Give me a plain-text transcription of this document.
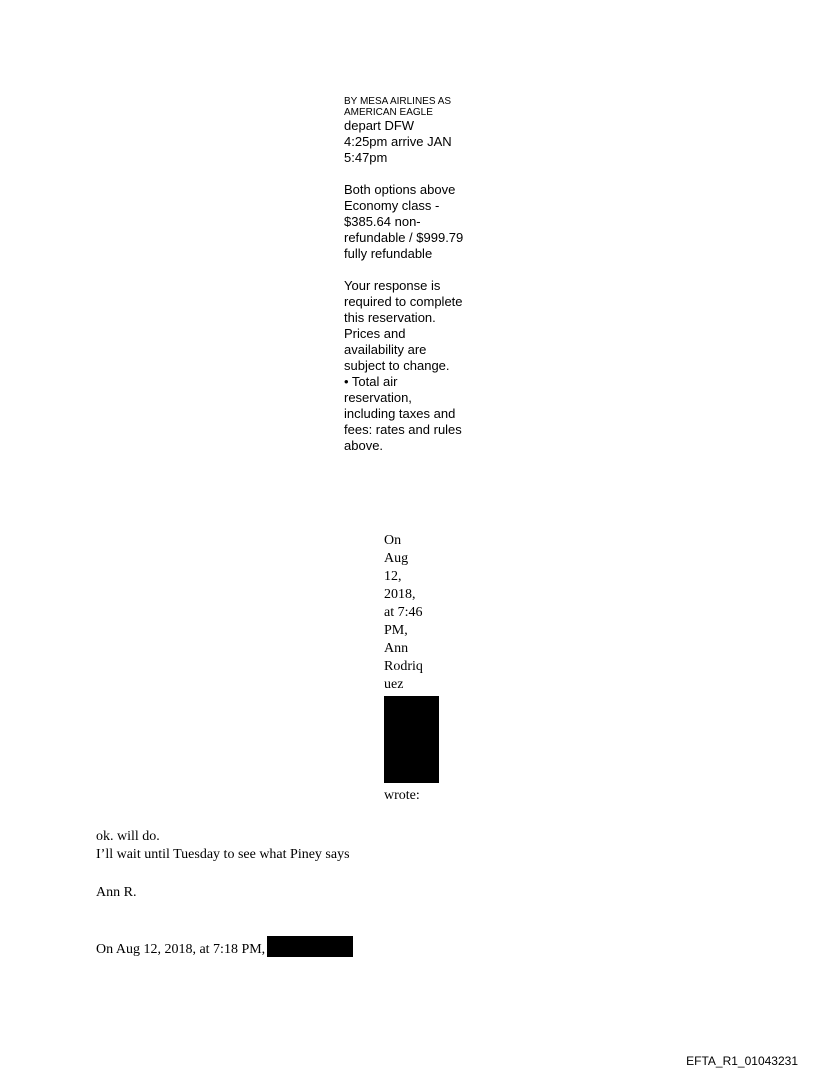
BY MESA AIRLINES AS
AMERICAN EAGLE
depart DFW
4:25pm arrive JAN
5:47pm
Both options above
Economy class -
$385.64 non-
refundable / $999.79
fully refundable
Your response is
required to complete
this reservation.
Prices and
availability are
subject to change.
• Total air
reservation,
including taxes and
fees: rates and rules
above.
On
Aug
12,
2018,
at 7:46
PM,
Ann
Rodriq
uez
wrote:
ok. will do.
I’ll wait until Tuesday to see what Piney says
Ann R.
On Aug 12, 2018, at 7:18 PM,
EFTA_R1_01043231
